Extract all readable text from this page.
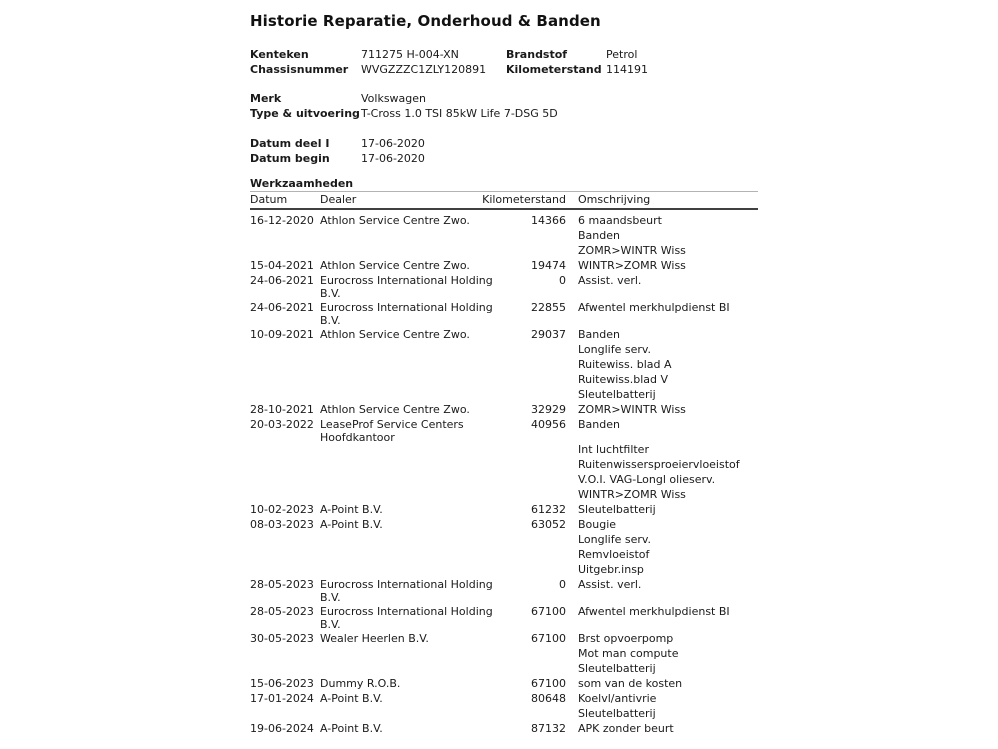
Historie Reparatie, Onderhoud & Banden
Kenteken	711275 H-004-XN	Brandstof	Petrol
Chassisnummer	WVGZZZC1ZLY120891	Kilometerstand 114191
Merk	Volkswagen
Type & uitvoering T-Cross 1.0 TSI 85kW Life 7-DSG 5D
Datum deel I	17-06-2020
Datum begin	17-06-2020
Werkzaamheden
Datum	Dealer	Kilometerstand	Omschrijving
16-12-2020 Athlon Service Centre Zwo.	14366 6 maandsbeurt
Banden
ZOMR>WINTR Wiss
15-04-2021 Athlon Service Centre Zwo.	19474 WINTR>ZOMR Wiss
24-06-2021 Eurocross International Holding
B.V.
0 Assist. verl.
24-06-2021 Eurocross International Holding
B.V.
22855 Afwentel merkhulpdienst BI
10-09-2021 Athlon Service Centre Zwo.	29037 Banden
Longlife serv.
Ruitewiss. blad A
Ruitewiss.blad V
Sleutelbatterij
28-10-2021 Athlon Service Centre Zwo.	32929 ZOMR>WINTR Wiss
20-03-2022 LeaseProf Service Centers
Hoofdkantoor
40956 Banden
Int luchtfilter
Ruitenwissersproeiervloeistof
V.O.I. VAG-Longl olieserv.
WINTR>ZOMR Wiss
10-02-2023 A-Point B.V.	61232 Sleutelbatterij
08-03-2023 A-Point B.V.	63052 Bougie
Longlife serv.
Remvloeistof
Uitgebr.insp
28-05-2023 Eurocross International Holding
B.V.
0 Assist. verl.
28-05-2023 Eurocross International Holding
B.V.
67100 Afwentel merkhulpdienst BI
30-05-2023 Wealer Heerlen B.V.	67100 Brst opvoerpomp
Mot man compute
Sleutelbatterij
15-06-2023 Dummy R.O.B.	67100 som van de kosten
17-01-2024 A-Point B.V.	80648 Koelvl/antivrie
Sleutelbatterij
19-06-2024 A-Point B.V.	87132 APK zonder beurt
